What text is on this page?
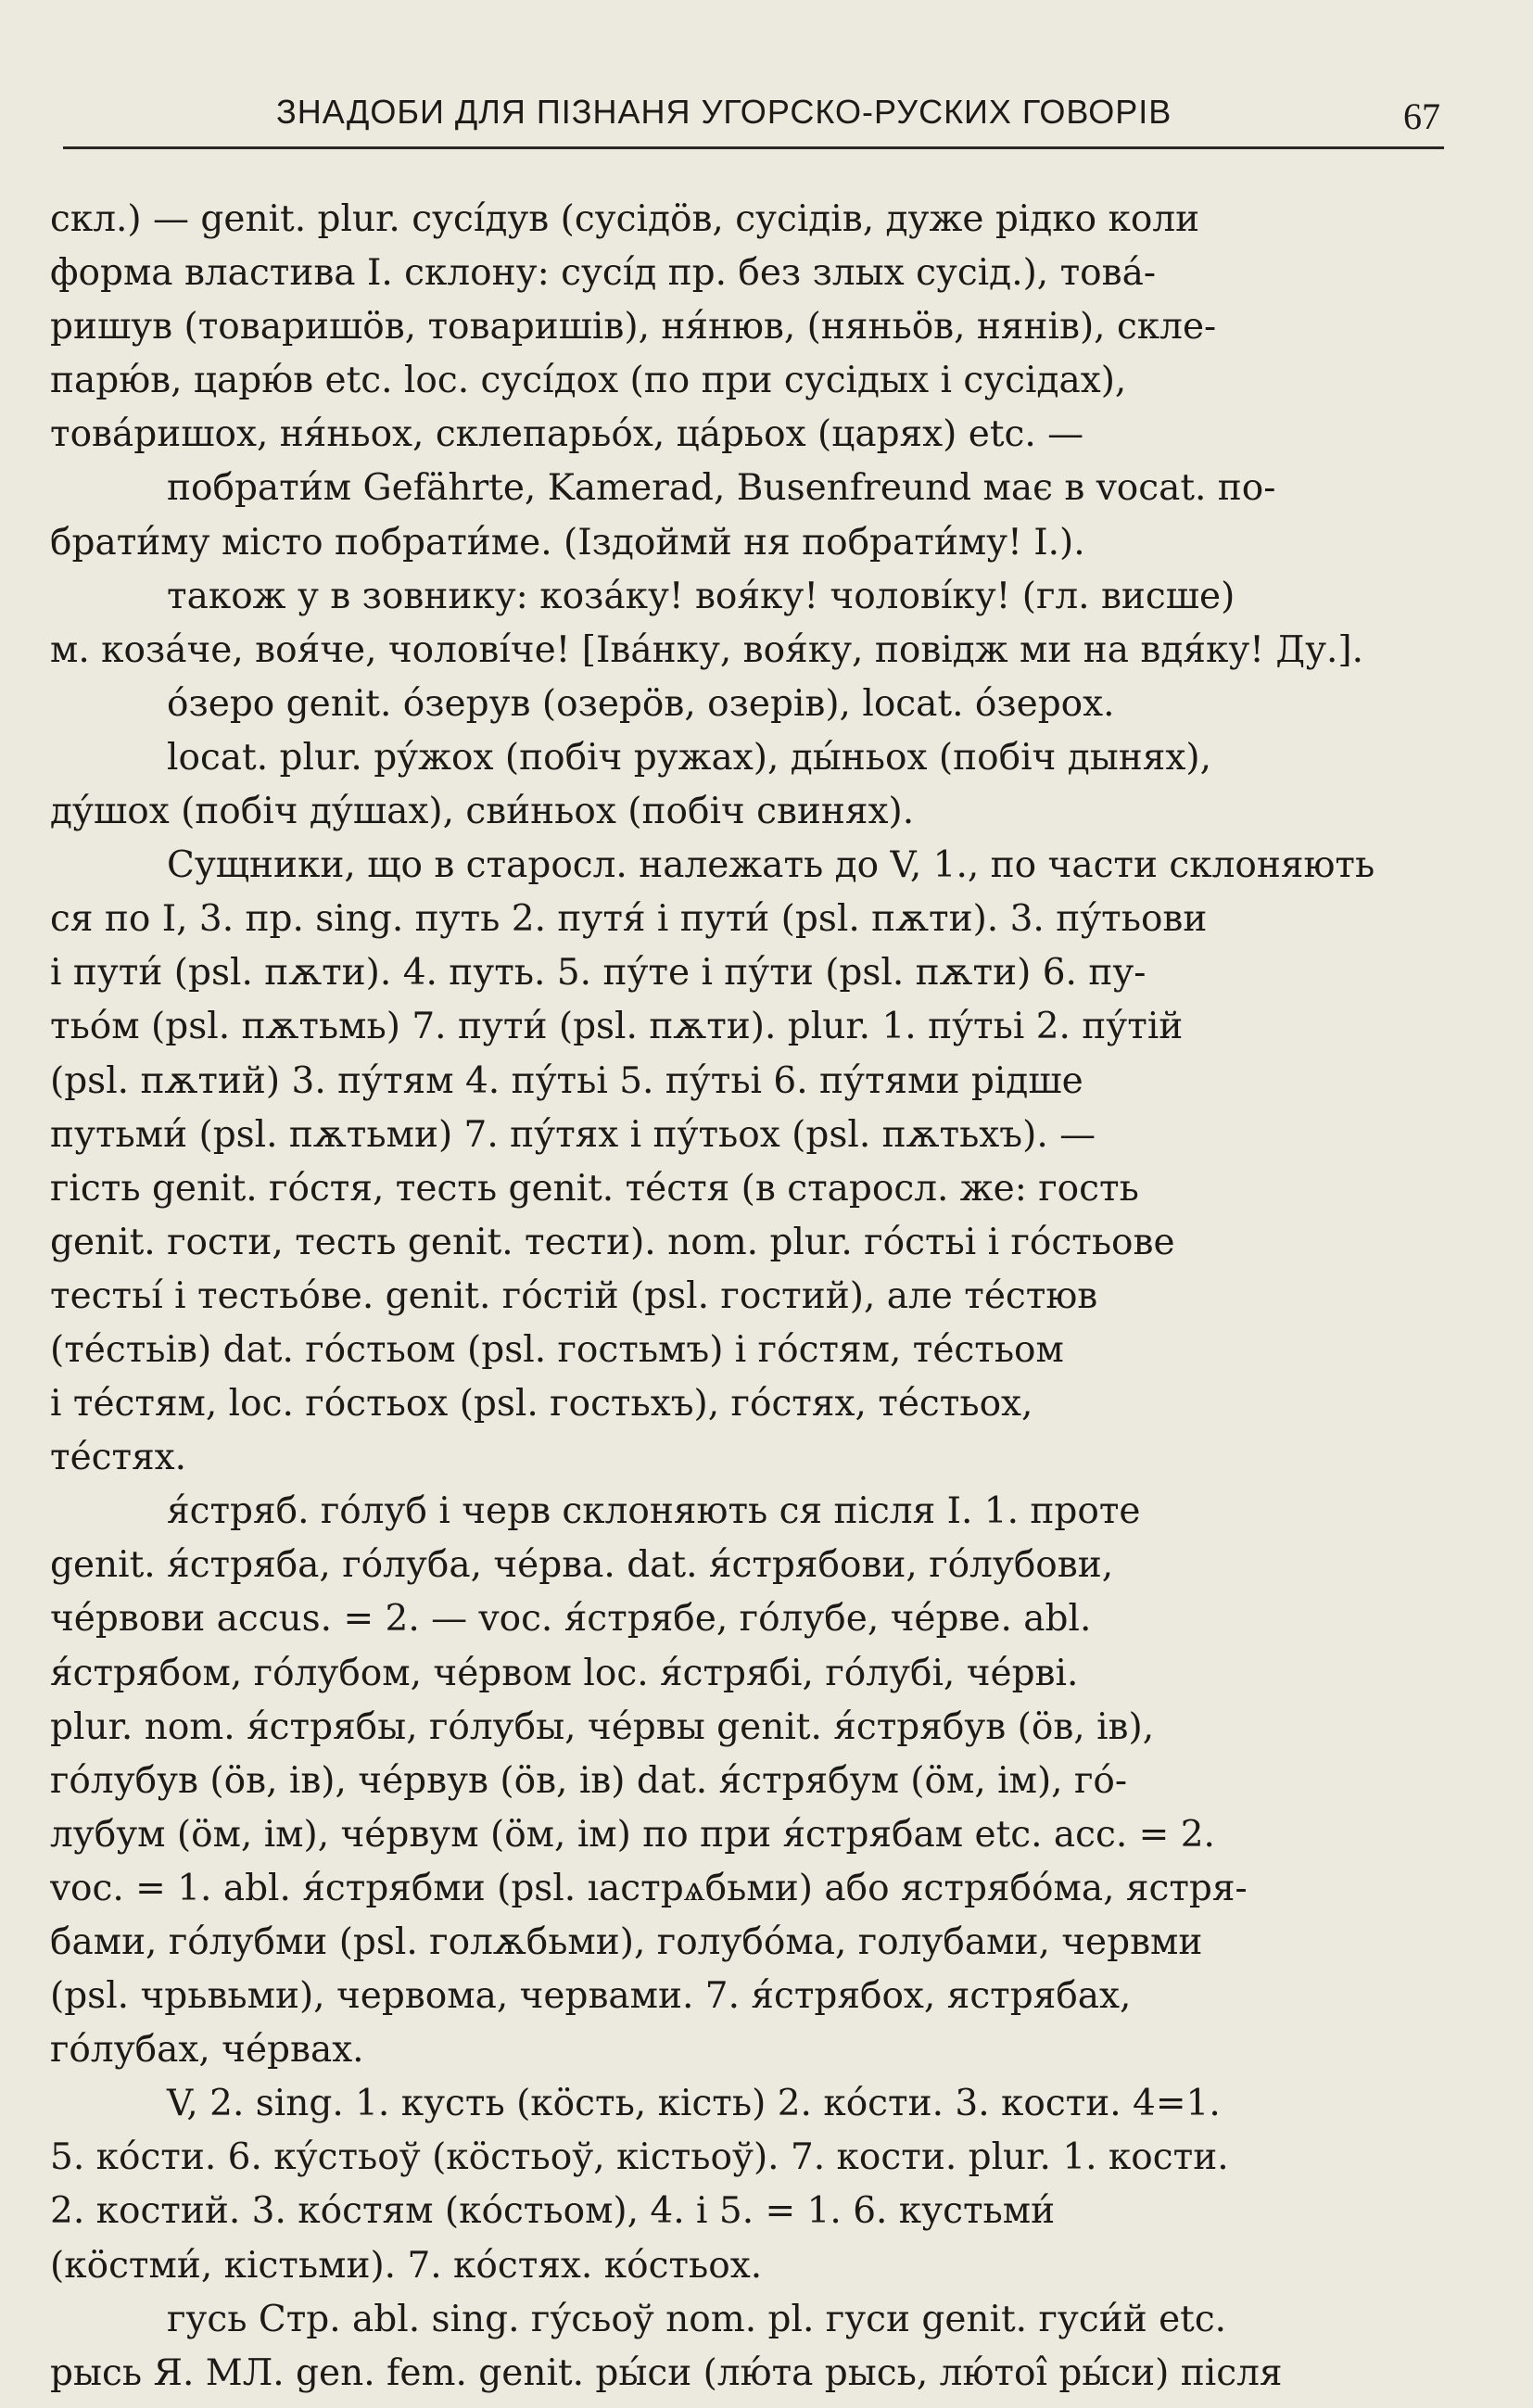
ЗНАДОБИ ДЛЯ ПІЗНАНЯ УГОРСКО-РУСКИХ ГОВОРІВ	67
скл.) — genit. plur. сусі́дув (сусідöв, сусідів, дуже рідко коли
форма властива І. склону: сусі́д пр. без злых сусід.), това́-
ришув (товаришöв, товаришів), ня́нюв, (няньöв, нянів), скле-
парю́в, царю́в etc. loc. сусі́дох (по при сусідых і сусідах),
това́ришох, ня́ньох, склепарьо́х, ца́рьох (царях) etc. —
побрати́м Gefährte, Kamerad, Busenfreund має в vocat. по-
брати́му місто побрати́ме. (Іздоймй ня побрати́му! І.).
також у в зовнику: коза́ку! воя́ку! чолові́ку! (гл. висше)
м. коза́че, воя́че, чолові́че! [Іва́нку, воя́ку, повідж ми на вдя́ку! Ду.].
о́зеро genit. о́зерув (озерöв, озерів), locat. о́зерох.
locat. plur. ру́жох (побіч ружах), ды́ньох (побіч дынях),
ду́шох (побіч ду́шах), сви́ньох (побіч свинях).
Сущники, що в старосл. належать до V, 1., по части склоняють
ся по І, 3. пр. sing. путь 2. путя́ і пути́ (psl. пѫти). 3. пу́тьови
і пути́ (psl. пѫти). 4. путь. 5. пу́те і пу́ти (psl. пѫти) 6. пу-
тьо́м (psl. пѫтьмь) 7. пути́ (psl. пѫти). plur. 1. пу́тьі 2. пу́тій
(psl. пѫтий) 3. пу́тям 4. пу́тьі 5. пу́тьі 6. пу́тями рідше
путьми́ (psl. пѫтьми) 7. пу́тях і пу́тьох (psl. пѫтьхъ). —
гість genit. го́стя, тесть genit. те́стя (в старосл. же: гость
genit. гости, тесть genit. тести). nom. plur. го́стьі і го́стьове
тестьі́ і тестьо́ве. genit. го́стій (psl. гостий), але те́стюв
(те́стьів) dat. го́стьом (psl. гостьмъ) і го́стям, те́стьом
і те́стям, loc. го́стьох (psl. гостьхъ), го́стях, те́стьох,
те́стях.
я́стряб. го́луб і черв склоняють ся після І. 1. проте
genit. я́стряба, го́луба, че́рва. dat. я́стрябови, го́лубови,
че́рвови accus. = 2. — voc. я́стрябе, го́лубе, че́рве. abl.
я́стрябом, го́лубом, че́рвом loc. я́стрябі, го́лубі, че́рві.
plur. nom. я́стрябы, го́лубы, че́рвы genit. я́стрябув (öв, ів),
го́лубув (öв, ів), че́рвув (öв, ів) dat. я́стрябум (öм, ім), го́-
лубум (öм, ім), че́рвум (öм, ім) по при я́стрябам etc. acc. = 2.
voc. = 1. abl. я́стрябми (psl. ıастрѧбьми) або ястрябо́ма, ястря-
бами, го́лубми (psl. голѫбьми), голубо́ма, голубами, червми
(psl. чрьвьми), червома, червами. 7. я́стрябох, ястрябах,
го́лубах, че́рвах.
V, 2. sing. 1. кусть (кöсть, кість) 2. ко́сти. 3. кости. 4=1.
5. ко́сти. 6. ку́стьоў (кöстьоў, кістьоў). 7. кости. plur. 1. кости.
2. костий. 3. ко́стям (ко́стьом), 4. і 5. = 1. 6. кустьми́
(кöстми́, кістьми). 7. ко́стях. ко́стьох.
гусь Стр. abl. sing. гу́сьоў nom. pl. гуси genit. гуси́й etc.
рысь Я. МЛ. gen. fem. genit. ры́си (лю́та рысь, лю́тоі̂ ры́си) після
